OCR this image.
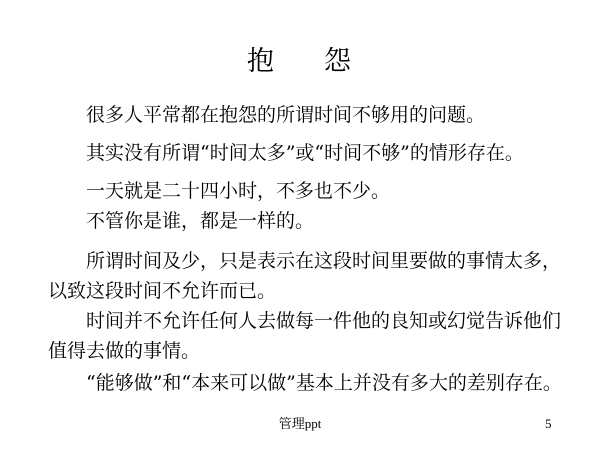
抱 怨
很多人平常都在抱怨的所谓时间不够用的问题。
其实没有所谓“时间太多”或“时间不够”的情形存在。
一天就是二十四小时，不多也不少。
不管你是谁，都是一样的。
所谓时间及少，只是表示在这段时间里要做的事情太多，以致这段时间不允许而已。
时间并不允许任何人去做每一件他的良知或幻觉告诉他们值得去做的事情。
“能够做”和“本来可以做”基本上并没有多大的差别存在。
管理ppt	5
